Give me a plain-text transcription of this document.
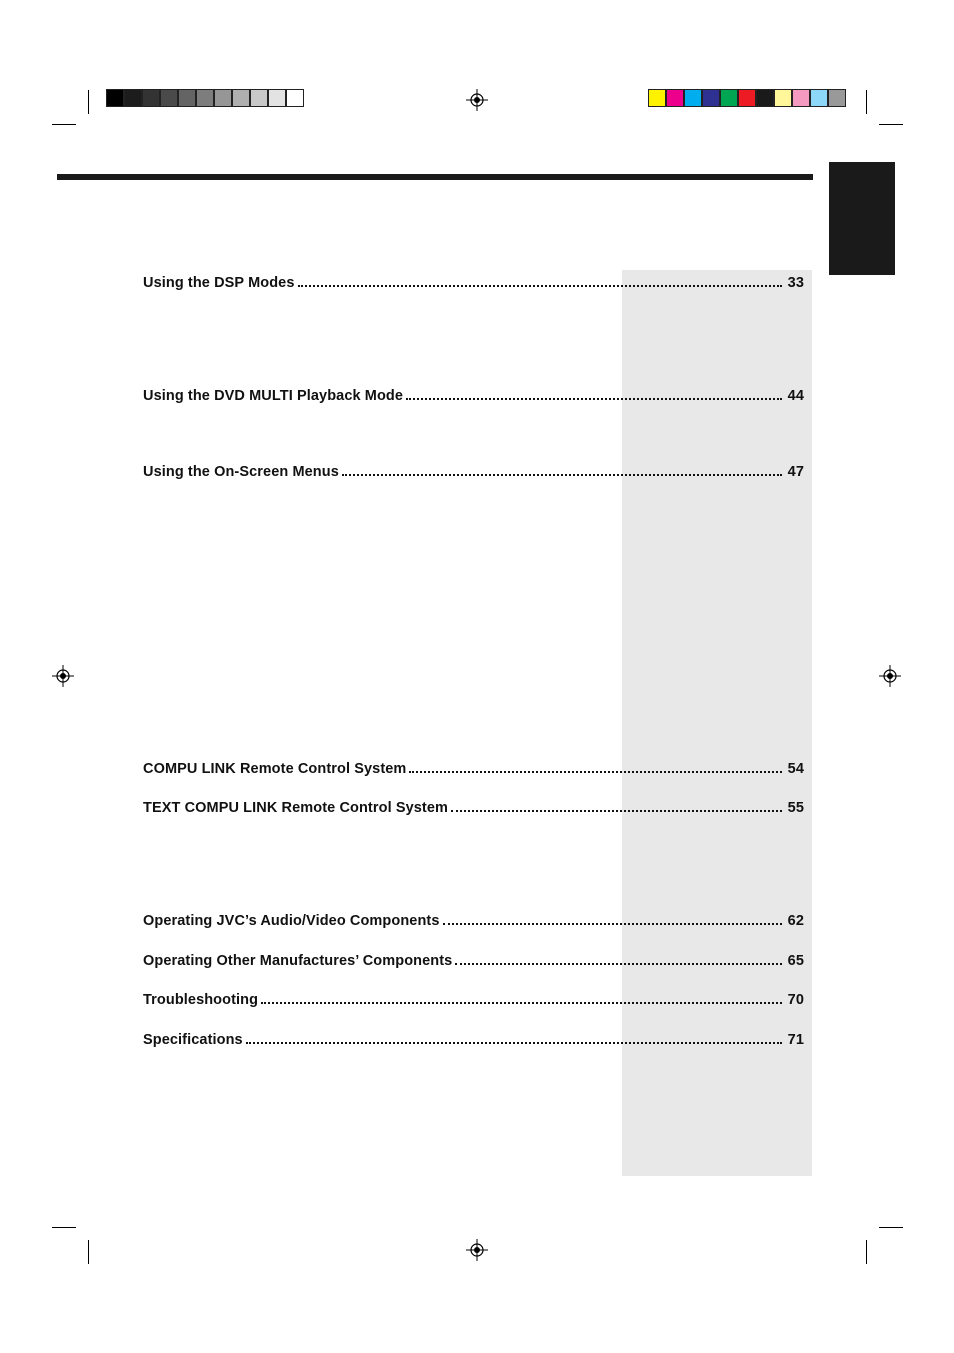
Using the DSP Modes	33
Using the DVD MULTI Playback Mode	44
Using the On-Screen Menus	47
COMPU LINK Remote Control System	54
TEXT COMPU LINK Remote Control System	55
Operating JVC’s Audio/Video Components	62
Operating Other Manufactures’ Components	65
Troubleshooting	70
Specifications	71
